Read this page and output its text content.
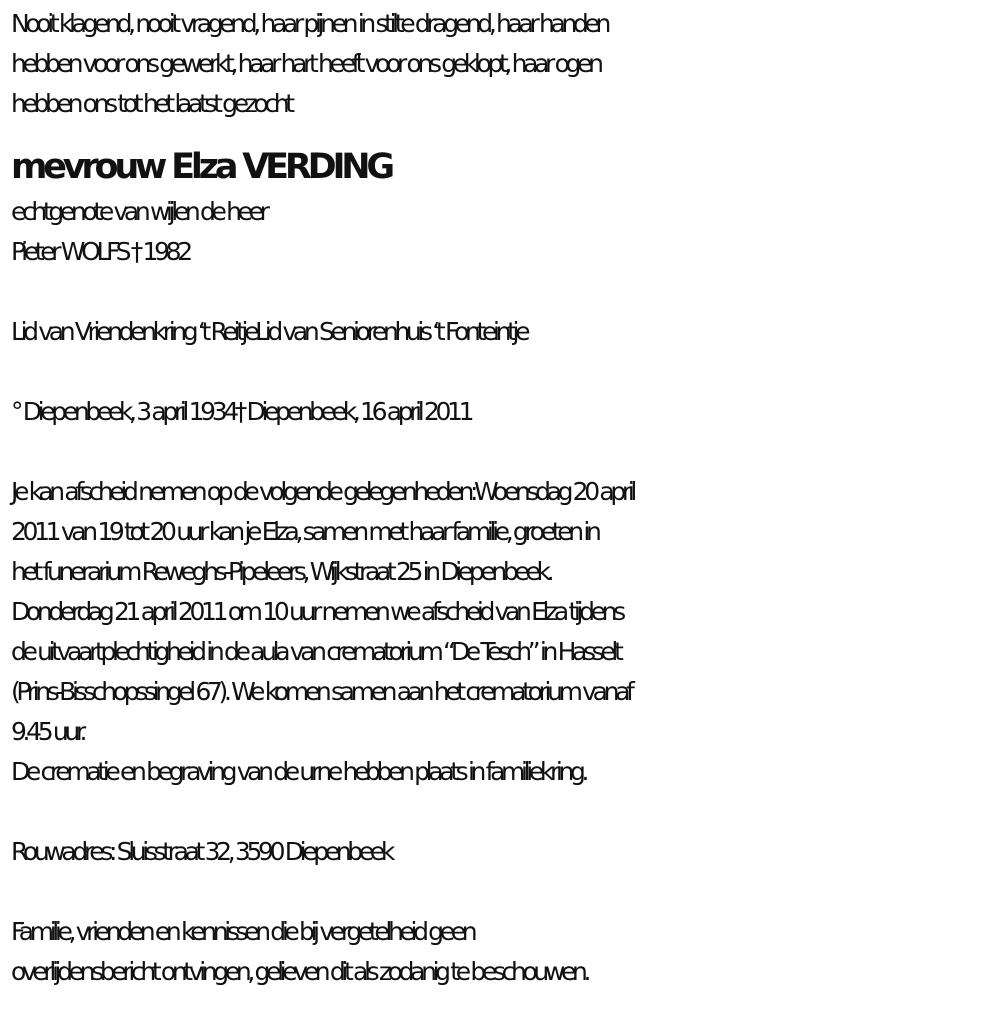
Nooit klagend, nooit vragend, haar pijnen in stilte dragend, haar handen
hebben voor ons gewerkt, haar hart heeft voor ons geklopt, haar ogen
hebben ons tot het laatst gezocht
mevrouw Elza VERDING
echtgenote van wijlen de heer
Pieter WOLFS † 1982
Lid van Vriendenkring ‘t ReitjeLid van Seniorenhuis ‘t Fonteintje
° Diepenbeek, 3 april 1934† Diepenbeek, 16 april 2011
Je kan afscheid nemen op de volgende gelegenheden:Woensdag 20 april
2011 van 19 tot 20 uur kan je Elza, samen met haar familie, groeten in
het funerarium Reweghs-Pipeleers, Wijkstraat 25 in Diepenbeek.
Donderdag 21 april 2011 om 10 uur nemen we afscheid van Elza tijdens
de uitvaartplechtigheid in de aula van crematorium “De Tesch” in Hasselt
(Prins-Bisschopssingel 67). We komen samen aan het crematorium vanaf
9.45 uur.
De crematie en begraving van de urne hebben plaats in familiekring.
Rouwadres: Sluisstraat 32, 3590 Diepenbeek
Familie, vrienden en kennissen die bij vergetelheid geen
overlijdensbericht ontvingen, gelieven dit als zodanig te beschouwen.
